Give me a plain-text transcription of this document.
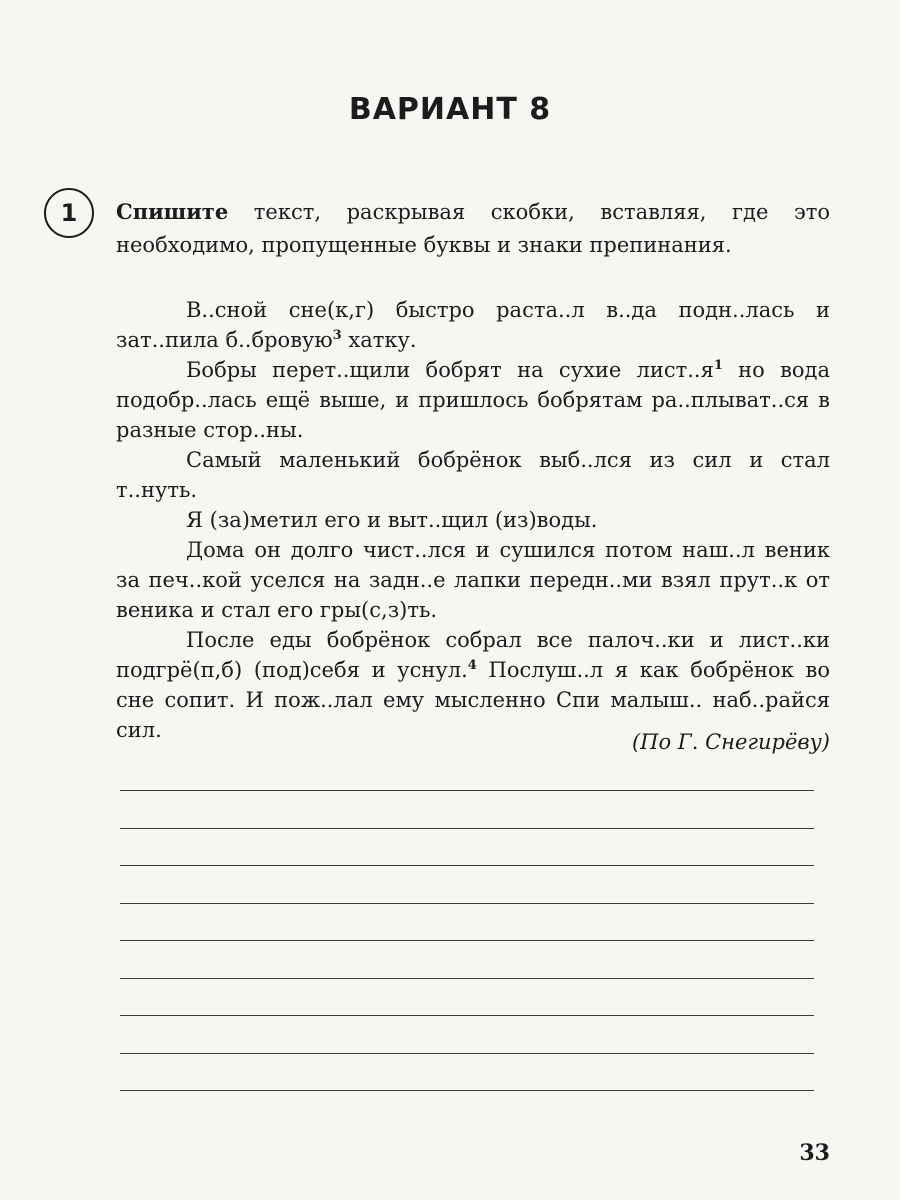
ВАРИАНТ 8
1 Спишите текст, раскрывая скобки, вставляя, где это необходимо, пропущенные буквы и знаки препинания.

В..сной сне(к,г) быстро раста..л в..да подн..лась и зат..пила б..бровую$^3$ хатку.

Бобры перет..щили бобрят на сухие $лист..я^1$ но вода подобр..лась ещё выше, и пришлось бобрятам ра..плыват..ся в разные стор..ны.

Самый маленький бобрёнок выб..лся из сил и стал т..нуть.

Я (за)метил его и выт..щил (из)воды.

Дома он долго чист..лся и сушился потом наш..л веник за печ..кой уселся на задн..е лапки передн..ми взял прут..к от веника и стал его гры(с,з)ть.

После еды бобрёнок собрал все палоч..ки и лист..ки подгрё(п,б) (под)себя и уснул.$^4$ Послуш..л я как бобрёнок во сне сопит. И пож..лал ему мысленно Спи малыш.. наб..райся сил.	(По Г. Снегирёву)
33
